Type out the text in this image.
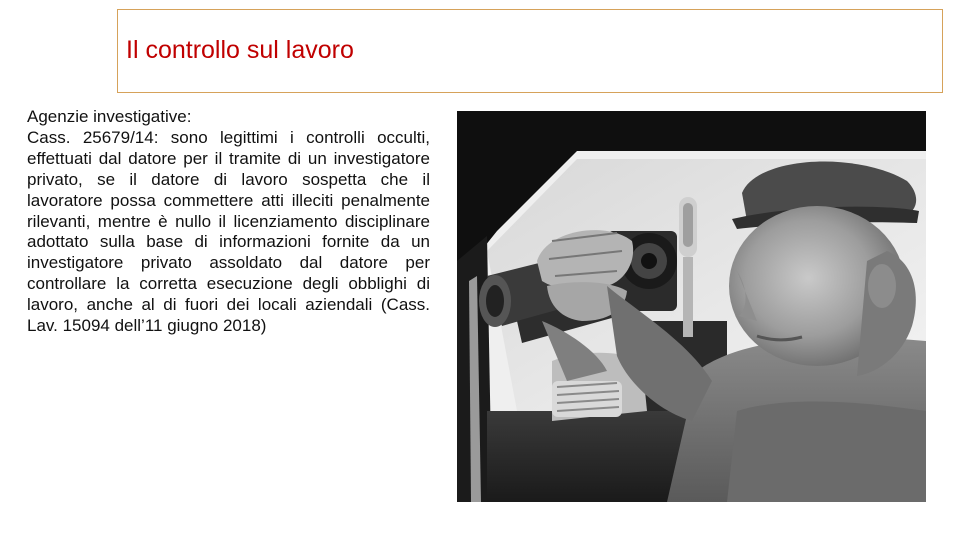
Il controllo sul lavoro

Agenzie investigative:

Cass. 25679/14: sono legittimi i controlli occulti, effettuati dal datore per il tramite di un investigatore privato, se il datore di lavoro sospetta che il lavoratore possa commettere atti illeciti penalmente rilevanti, mentre è nullo il licenziamento disciplinare adottato sulla base di informazioni fornite da un investigatore privato assoldato dal datore per controllare la corretta esecuzione degli obblighi di lavoro, anche al di fuori dei locali aziendali (Cass. Lav. 15094 dell’11 giugno 2018)
